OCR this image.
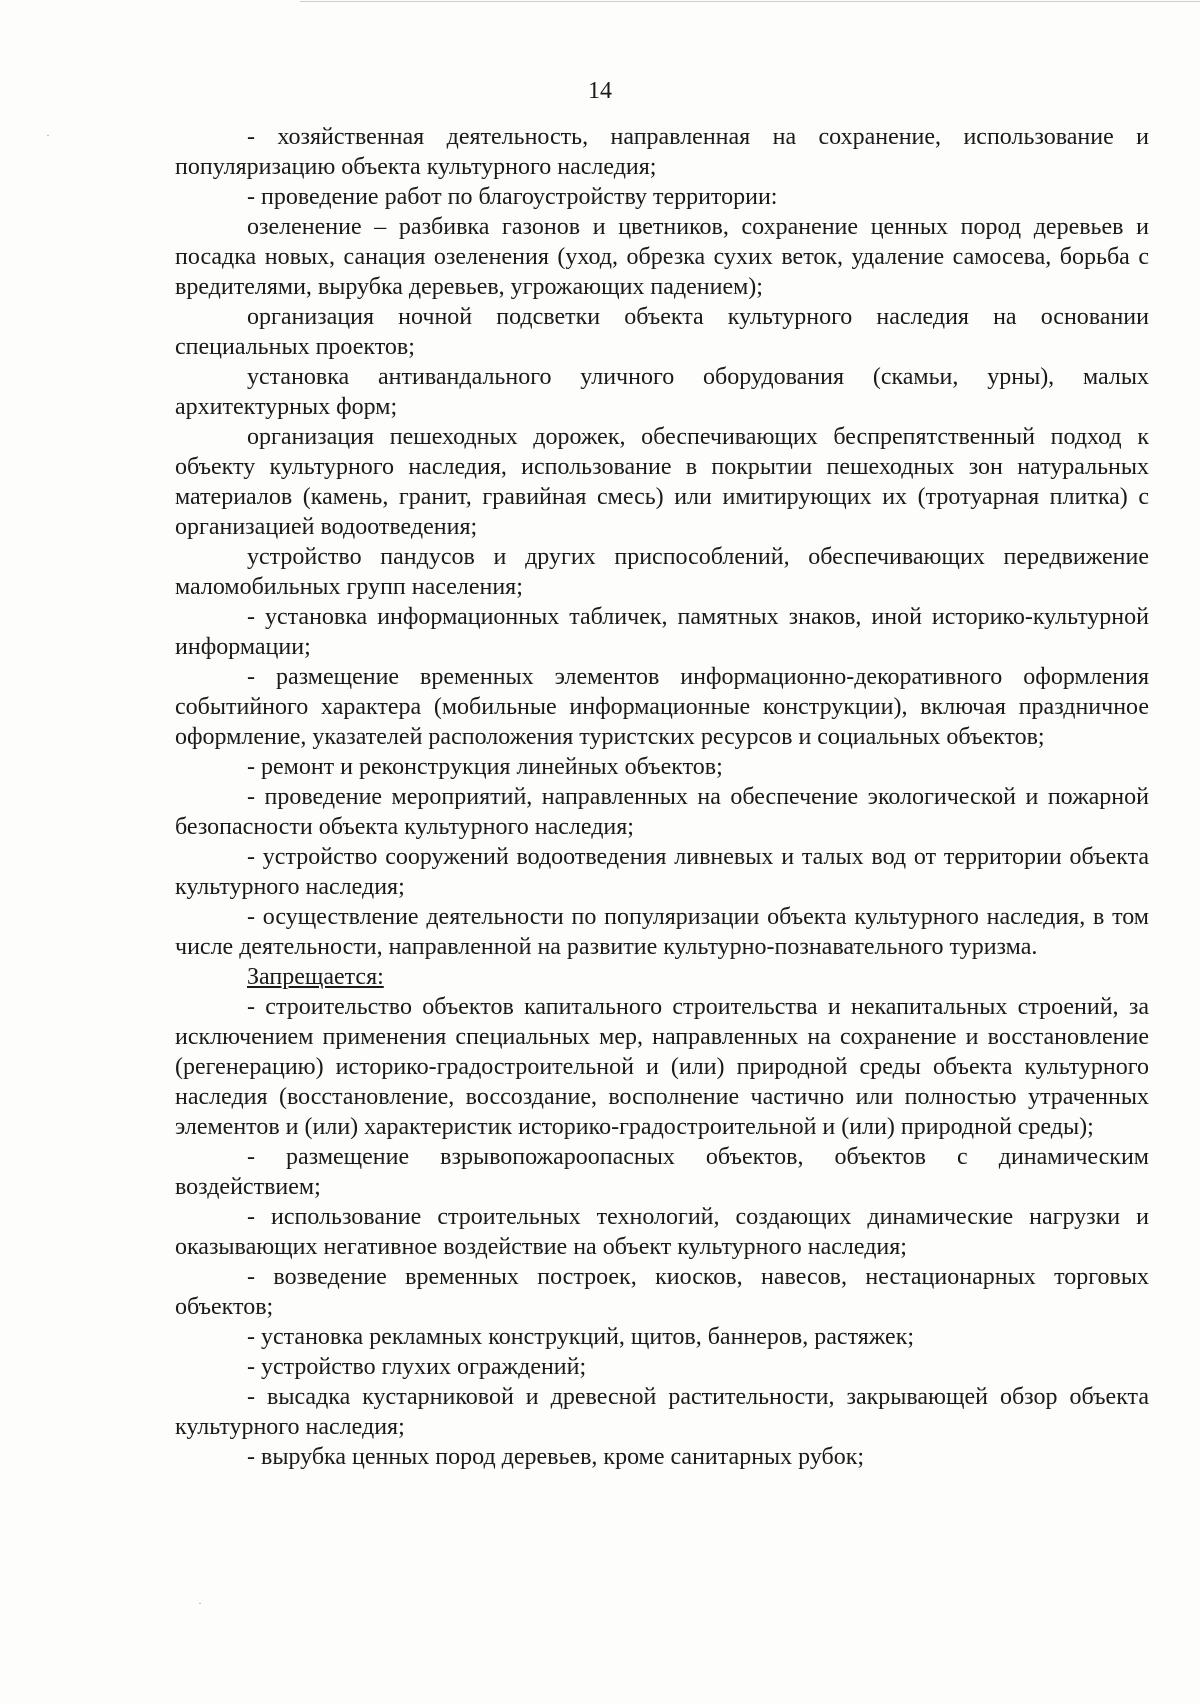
·
·
14

- хозяйственная деятельность, направленная на сохранение, использование и популяризацию объекта культурного наследия;

- проведение работ по благоустройству территории:

озеленение – разбивка газонов и цветников, сохранение ценных пород деревьев и посадка новых, санация озеленения (уход, обрезка сухих веток, удаление самосева, борьба с вредителями, вырубка деревьев, угрожающих падением);

организация ночной подсветки объекта культурного наследия на основании специальных проектов;

установка антивандального уличного оборудования (скамьи, урны), малых архитектурных форм;

организация пешеходных дорожек, обеспечивающих беспрепятственный подход к объекту культурного наследия, использование в покрытии пешеходных зон натуральных материалов (камень, гранит, гравийная смесь) или имитирующих их (тротуарная плитка) с организацией водоотведения;

устройство пандусов и других приспособлений, обеспечивающих передвижение маломобильных групп населения;

- установка информационных табличек, памятных знаков, иной историко-культурной информации;

- размещение временных элементов информационно-декоративного оформления событийного характера (мобильные информационные конструкции), включая праздничное оформление, указателей расположения туристских ресурсов и социальных объектов;

- ремонт и реконструкция линейных объектов;

- проведение мероприятий, направленных на обеспечение экологической и пожарной безопасности объекта культурного наследия;

- устройство сооружений водоотведения ливневых и талых вод от территории объекта культурного наследия;

- осуществление деятельности по популяризации объекта культурного наследия, в том числе деятельности, направленной на развитие культурно-познавательного туризма.

Запрещается:

- строительство объектов капитального строительства и некапитальных строений, за исключением применения специальных мер, направленных на сохранение и восстановление (регенерацию) историко-градостроительной и (или) природной среды объекта культурного наследия (восстановление, воссоздание, восполнение частично или полностью утраченных элементов и (или) характеристик историко-градостроительной и (или) природной среды);

- размещение взрывопожароопасных объектов, объектов с динамическим воздействием;

- использование строительных технологий, создающих динамические нагрузки и оказывающих негативное воздействие на объект культурного наследия;

- возведение временных построек, киосков, навесов, нестационарных торговых объектов;

- установка рекламных конструкций, щитов, баннеров, растяжек;

- устройство глухих ограждений;

- высадка кустарниковой и древесной растительности, закрывающей обзор объекта культурного наследия;

- вырубка ценных пород деревьев, кроме санитарных рубок;
